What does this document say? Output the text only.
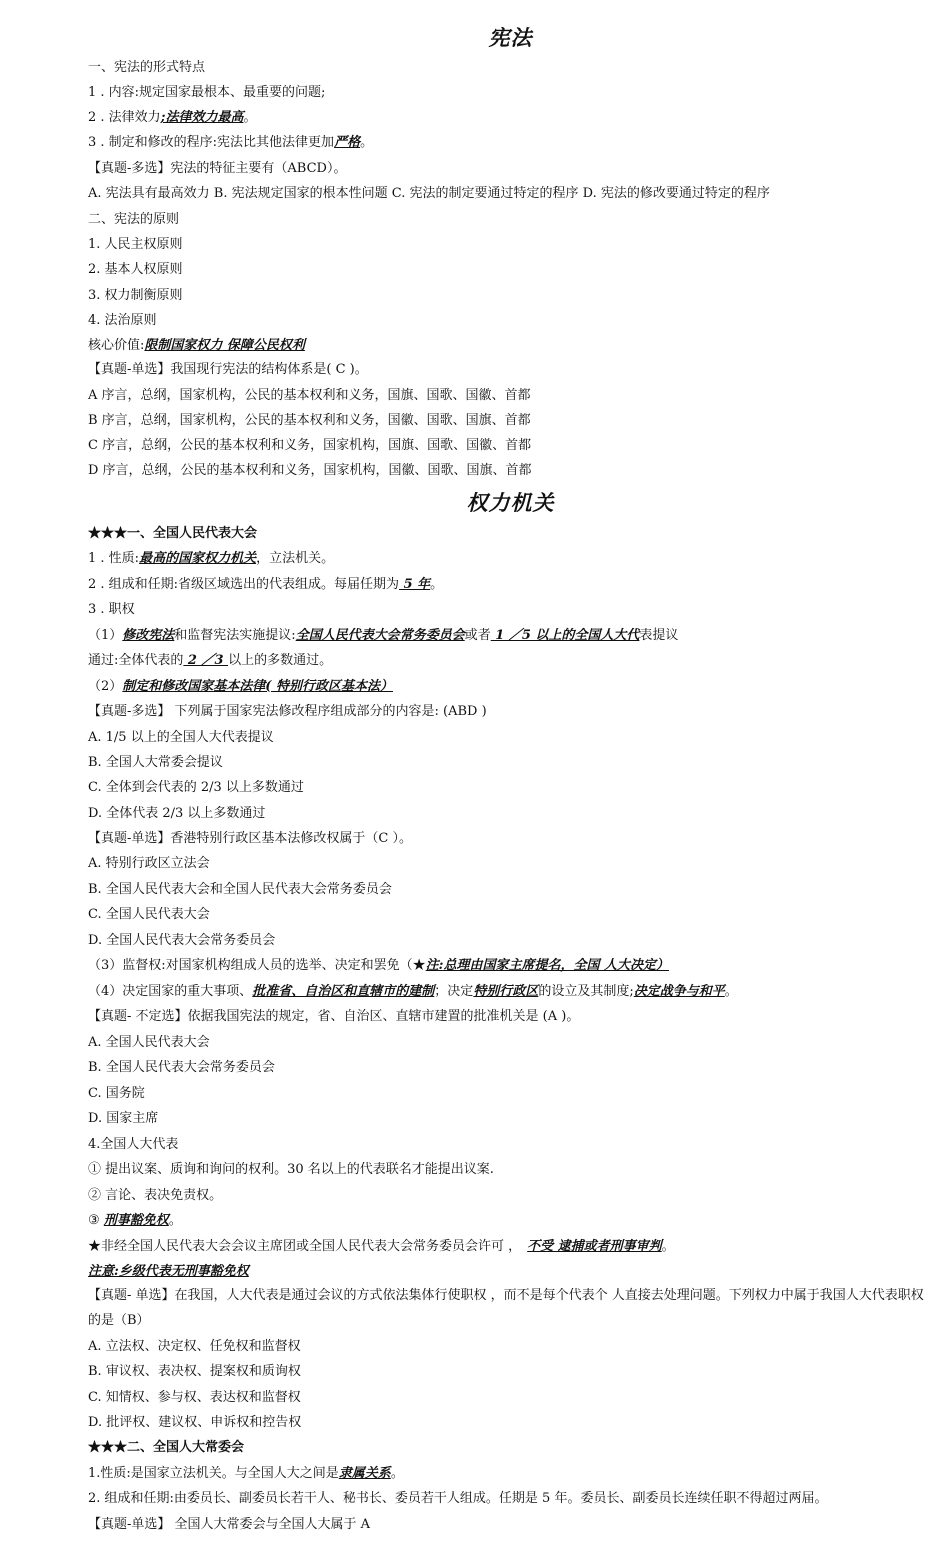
宪法
一、宪法的形式特点
1 . 内容:规定国家最根本、最重要的问题;
2 . 法律效力;法律效力最高。
3 . 制定和修改的程序:宪法比其他法律更加严格。
【真题-多选】宪法的特征主要有（ABCD）。
A. 宪法具有最高效力 B. 宪法规定国家的根本性问题 C. 宪法的制定要通过特定的程序 D. 宪法的修改要通过特定的程序
二、宪法的原则
1. 人民主权原则
2. 基本人权原则
3. 权力制衡原则
4. 法治原则
核心价值:限制国家权力 保障公民权利
【真题-单选】我国现行宪法的结构体系是( C )。
A 序言，总纲，国家机构，公民的基本权利和义务，国旗、国歌、国徽、首都
B 序言，总纲，国家机构，公民的基本权利和义务，国徽、国歌、国旗、首都
C 序言，总纲，公民的基本权利和义务，国家机构，国旗、国歌、国徽、首都
D 序言，总纲，公民的基本权利和义务，国家机构，国徽、国歌、国旗、首都
权力机关
★★★一、全国人民代表大会
1 . 性质:最高的国家权力机关，立法机关。
2 . 组成和任期:省级区域选出的代表组成。每届任期为 5 年。
3 . 职权
（1）修改宪法和监督宪法实施提议:全国人民代表大会常务委员会或者 1 ／5 以上的全国人大代表提议
通过:全体代表的 2 ／3 以上的多数通过。
（2）制定和修改国家基本法律( 特别行政区基本法）
【真题-多选】 下列属于国家宪法修改程序组成部分的内容是: (ABD )
A. 1/5 以上的全国人大代表提议
B. 全国人大常委会提议
C. 全体到会代表的 2/3 以上多数通过
D. 全体代表 2/3 以上多数通过
【真题-单选】香港特别行政区基本法修改权属于（C ）。
A. 特别行政区立法会
B. 全国人民代表大会和全国人民代表大会常务委员会
C. 全国人民代表大会
D. 全国人民代表大会常务委员会
（3）监督权:对国家机构组成人员的选举、决定和罢免（★注:总理由国家主席提名，全国 人大决定）
（4）决定国家的重大事项、批准省、自治区和直辖市的建制；决定特别行政区的设立及其制度;决定战争与和平。
【真题- 不定选】依据我国宪法的规定，省、自治区、直辖市建置的批准机关是 (A )。
A. 全国人民代表大会
B. 全国人民代表大会常务委员会
C. 国务院
D. 国家主席
4.全国人大代表
① 提出议案、质询和询问的权利。30 名以上的代表联名才能提出议案.
② 言论、表决免责权。
③ 刑事豁免权。
★非经全国人民代表大会会议主席团或全国人民代表大会常务委员会许可 ， 不受 逮捕或者刑事审判。
注意:乡级代表无刑事豁免权
【真题- 单选】在我国，人大代表是通过会议的方式依法集体行使职权 ，而不是每个代表个 人直接去处理问题。下列权力中属于我国人大代表职权的是（B）
A. 立法权、决定权、任免权和监督权
B. 审议权、表决权、提案权和质询权
C. 知情权、参与权、表达权和监督权
D. 批评权、建议权、申诉权和控告权
★★★二、全国人大常委会
1.性质:是国家立法机关。与全国人大之间是隶属关系。
2. 组成和任期:由委员长、副委员长若干人、秘书长、委员若干人组成。任期是 5 年。委员长、副委员长连续任职不得超过两届。
【真题-单选】 全国人大常委会与全国人大属于 A
